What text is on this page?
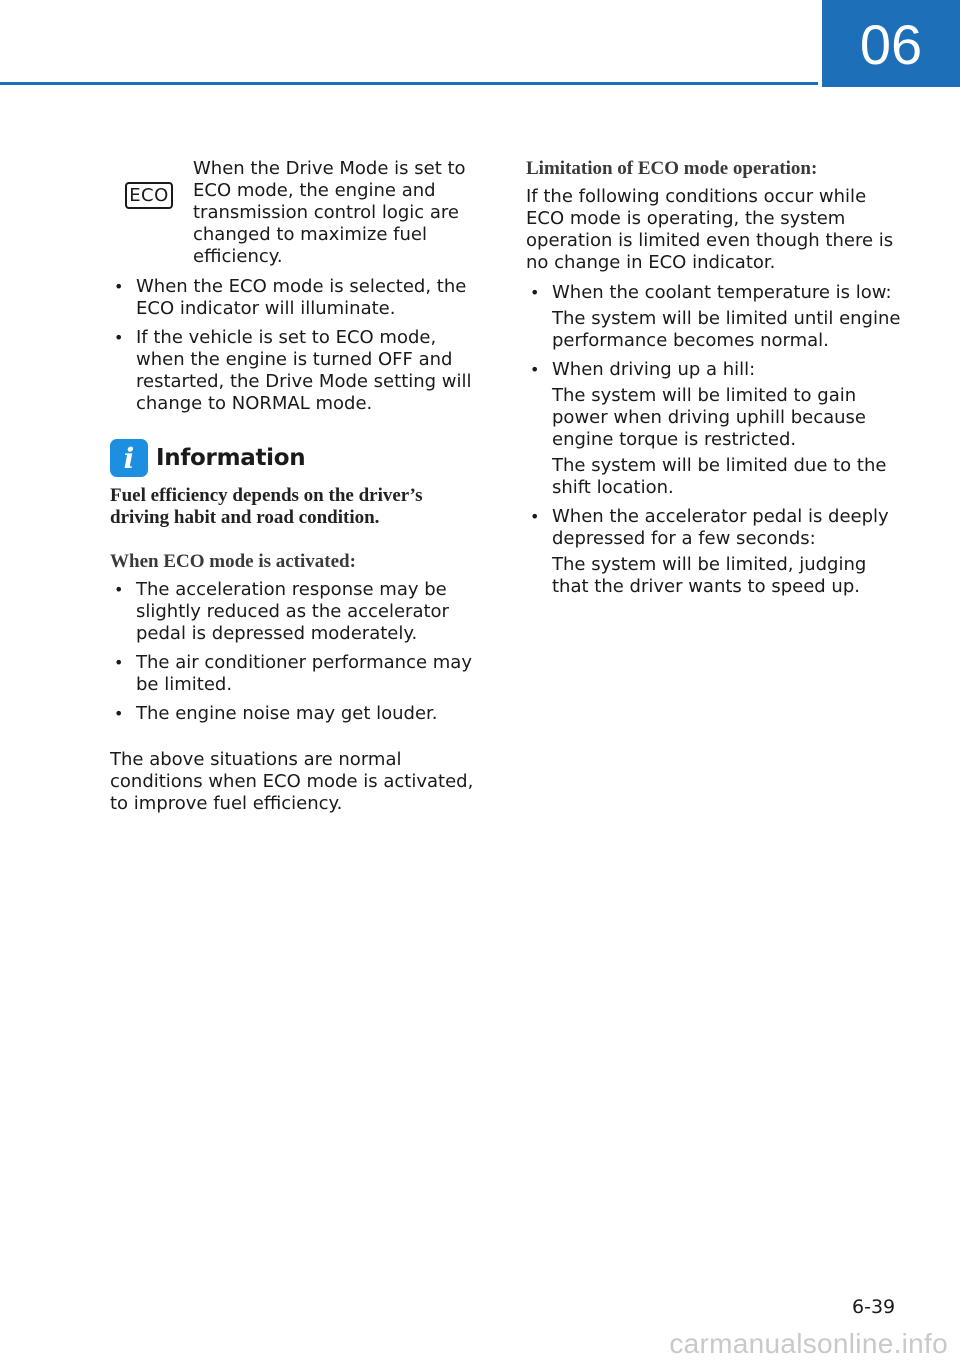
06
ECO
When the Drive Mode is set to ECO mode, the engine and transmission control logic are changed to maximize fuel efficiency.
• When the ECO mode is selected, the ECO indicator will illuminate.
• If the vehicle is set to ECO mode, when the engine is turned OFF and restarted, the Drive Mode setting will change to NORMAL mode.
i Information

Fuel efficiency depends on the driver’s driving habit and road condition.

When ECO mode is activated:

• The acceleration response may be slightly reduced as the accelerator pedal is depressed moderately.
• The air conditioner performance may be limited.
• The engine noise may get louder.

The above situations are normal conditions when ECO mode is activated, to improve fuel efficiency.

Limitation of ECO mode operation:

If the following conditions occur while ECO mode is operating, the system operation is limited even though there is no change in ECO indicator.

• When the coolant temperature is low:
The system will be limited until engine performance becomes normal.
• When driving up a hill:
The system will be limited to gain power when driving uphill because engine torque is restricted.
The system will be limited due to the shift location.
• When the accelerator pedal is deeply depressed for a few seconds:
The system will be limited, judging that the driver wants to speed up.
6-39
carmanualsonline.info
